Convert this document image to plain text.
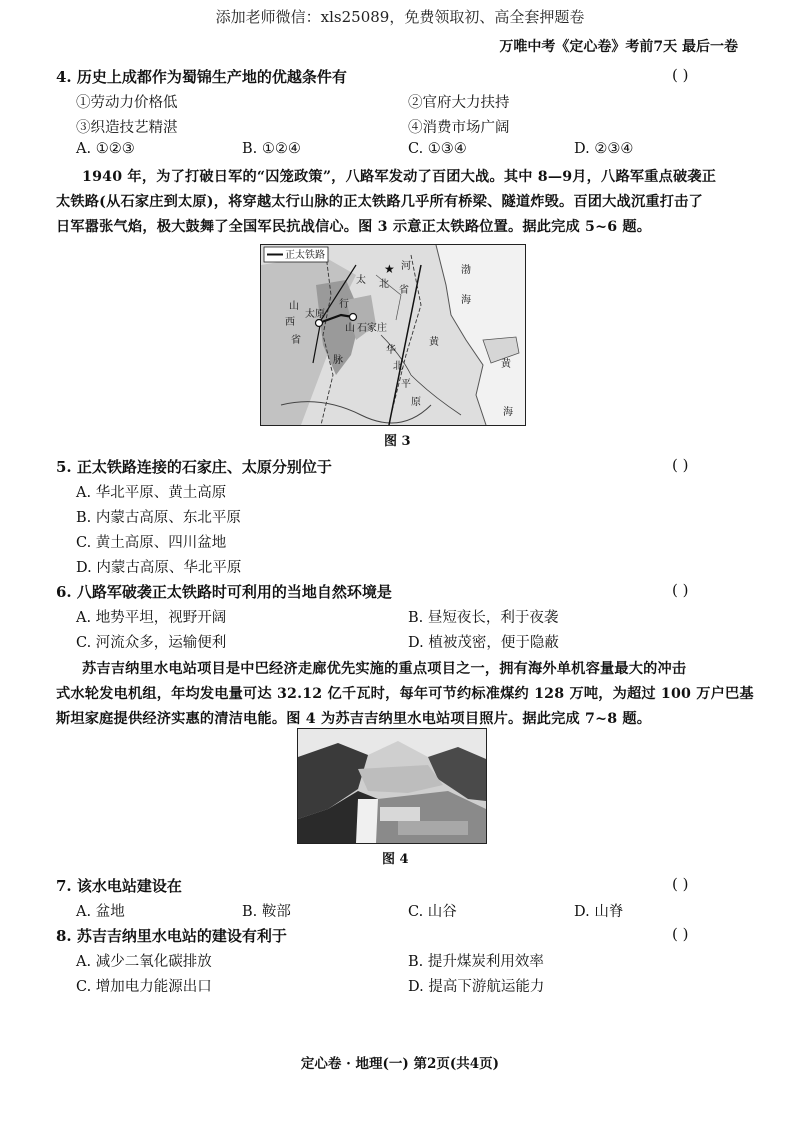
添加老师微信：xls25089，免费领取初、高全套押题卷
万唯中考《定心卷》考前7天 最后一卷
4. 历史上成都作为蜀锦生产地的优越条件有	( )
①劳动力价格低	②官府大力扶持
③织造技艺精湛	④消费市场广阔
A. ①②③	B. ①②④	C. ①③④	D. ②③④
1940 年，为了打破日军的“囚笼政策”，八路军发动了百团大战。其中 8—9月，八路军重点破袭正
太铁路(从石家庄到太原)，将穿越太行山脉的正太铁路几乎所有桥梁、隧道炸毁。百团大战沉重打击了
日军嚣张气焰，极大鼓舞了全国军民抗战信心。图 3 示意正太铁路位置。据此完成 5~6 题。
★
正太铁路
河
北
省
太
行
山
西
省
太原
山 石家庄
渤
海
脉
黄
华
北
平
原
黄
海
图 3
5. 正太铁路连接的石家庄、太原分别位于	( )
A. 华北平原、黄土高原
B. 内蒙古高原、东北平原
C. 黄土高原、四川盆地
D. 内蒙古高原、华北平原
6. 八路军破袭正太铁路时可利用的当地自然环境是	( )
A. 地势平坦，视野开阔	B. 昼短夜长，利于夜袭
C. 河流众多，运输便利	D. 植被茂密，便于隐蔽
苏吉吉纳里水电站项目是中巴经济走廊优先实施的重点项目之一，拥有海外单机容量最大的冲击
式水轮发电机组，年均发电量可达 32.12 亿千瓦时，每年可节约标准煤约 128 万吨，为超过 100 万户巴基
斯坦家庭提供经济实惠的清洁电能。图 4 为苏吉吉纳里水电站项目照片。据此完成 7~8 题。
图 4
7. 该水电站建设在	( )
A. 盆地	B. 鞍部	C. 山谷	D. 山脊
8. 苏吉吉纳里水电站的建设有利于	( )
A. 减少二氧化碳排放	B. 提升煤炭利用效率
C. 增加电力能源出口	D. 提高下游航运能力
定心卷 · 地理(一) 第2页(共4页)
